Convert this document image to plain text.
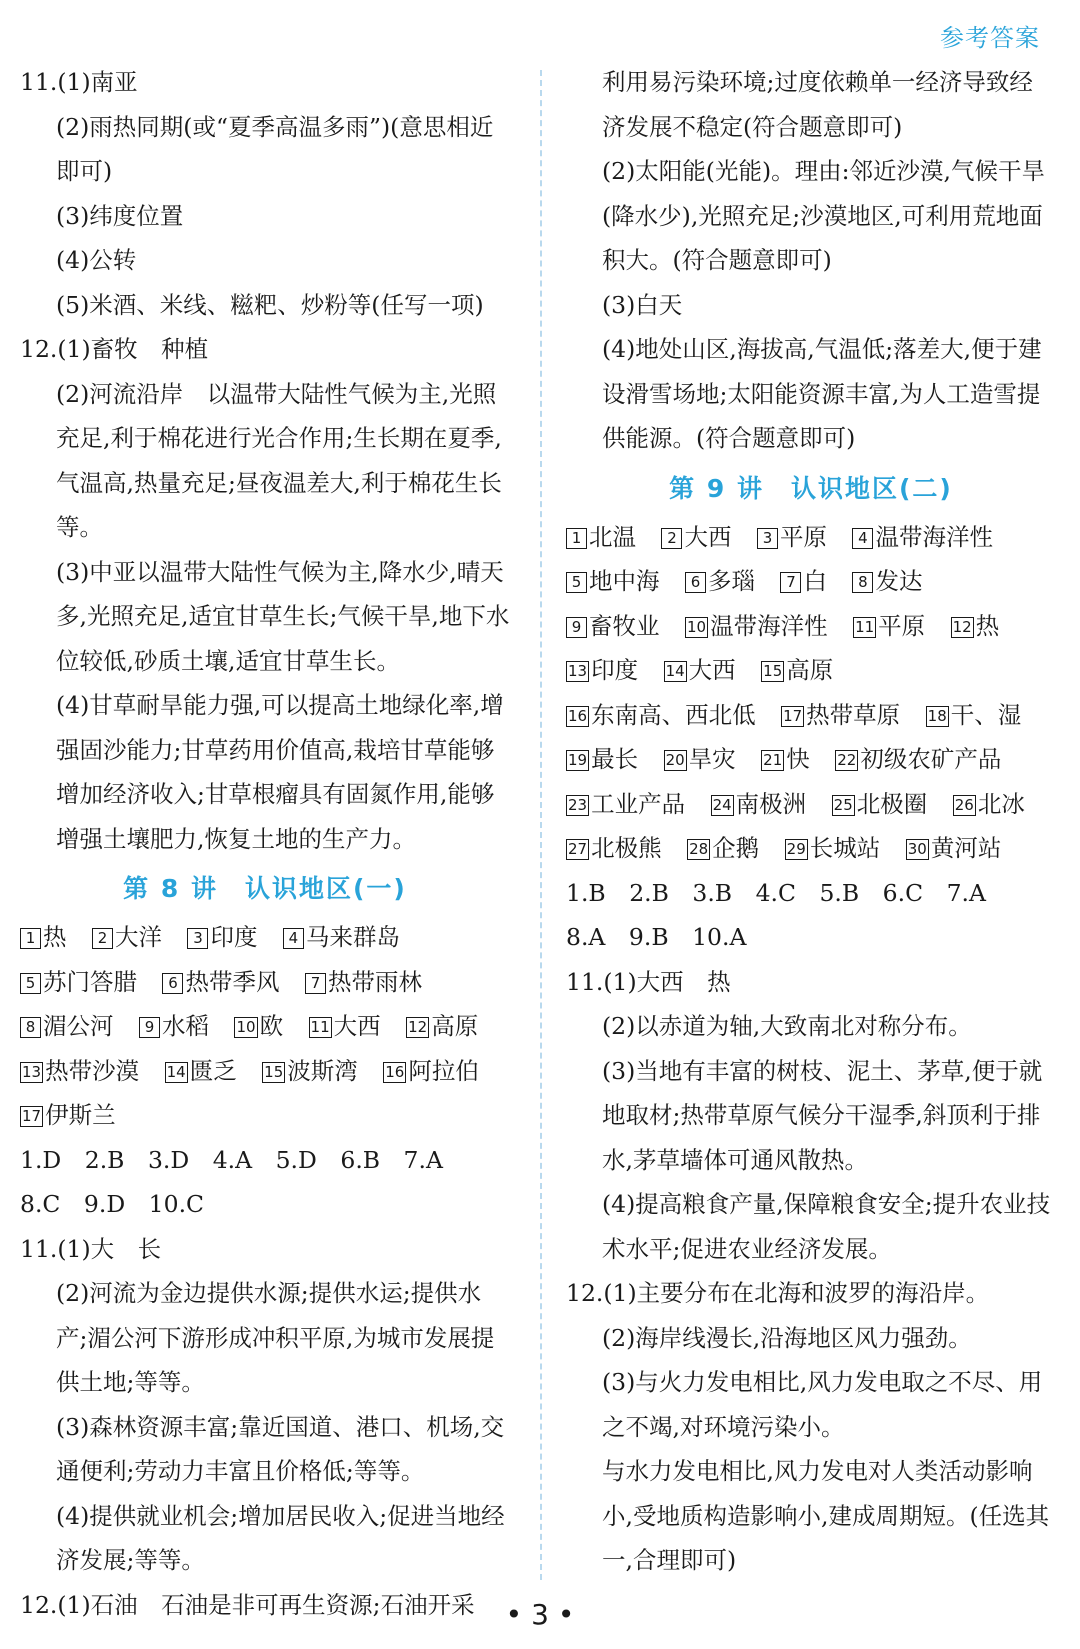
参考答案

11.(1)南亚

(2)雨热同期(或“夏季高温多雨”)(意思相近即可)

(3)纬度位置

(4)公转

(5)米酒、米线、糍粑、炒粉等(任写一项)

12.(1)畜牧　种植

(2)河流沿岸　以温带大陆性气候为主,光照充足,利于棉花进行光合作用;生长期在夏季,气温高,热量充足;昼夜温差大,利于棉花生长等。

(3)中亚以温带大陆性气候为主,降水少,晴天多,光照充足,适宜甘草生长;气候干旱,地下水位较低,砂质土壤,适宜甘草生长。

(4)甘草耐旱能力强,可以提高土地绿化率,增强固沙能力;甘草药用价值高,栽培甘草能够增加经济收入;甘草根瘤具有固氮作用,能够增强土壤肥力,恢复土地的生产力。

第 8 讲　认识地区(一)

1 热 2 大洋 3 印度 4 马来群岛 5 苏门答腊 6 热带季风 7 热带雨林 8 湄公河 9 水稻 10 欧 11 大西 12 高原 13 热带沙漠 14 匮乏 15 波斯湾 16 阿拉伯 17 伊斯兰

1.D　2.B　3.D　4.A　5.D　6.B　7.A

8.C　9.D　10.C

11.(1)大　长

(2)河流为金边提供水源;提供水运;提供水产;湄公河下游形成冲积平原,为城市发展提供土地;等等。

(3)森林资源丰富;靠近国道、港口、机场,交通便利;劳动力丰富且价格低;等等。

(4)提供就业机会;增加居民收入;促进当地经济发展;等等。

12.(1)石油　石油是非可再生资源;石油开采

利用易污染环境;过度依赖单一经济导致经济发展不稳定(符合题意即可)

(2)太阳能(光能)。理由:邻近沙漠,气候干旱(降水少),光照充足;沙漠地区,可利用荒地面积大。(符合题意即可)

(3)白天

(4)地处山区,海拔高,气温低;落差大,便于建设滑雪场地;太阳能资源丰富,为人工造雪提供能源。(符合题意即可)

第 9 讲　认识地区(二)

1 北温 2 大西 3 平原 4 温带海洋性 5 地中海 6 多瑙 7 白 8 发达 9 畜牧业 10 温带海洋性 11 平原 12 热 13 印度 14 大西 15 高原 16 东南高、西北低 17 热带草原 18 干、湿 19 最长 20 旱灾 21 快 22 初级农矿产品 23 工业产品 24 南极洲 25 北极圈 26 北冰 27 北极熊 28 企鹅 29 长城站 30 黄河站

1.B　2.B　3.B　4.C　5.B　6.C　7.A

8.A　9.B　10.A

11.(1)大西　热

(2)以赤道为轴,大致南北对称分布。

(3)当地有丰富的树枝、泥土、茅草,便于就地取材;热带草原气候分干湿季,斜顶利于排水,茅草墙体可通风散热。

(4)提高粮食产量,保障粮食安全;提升农业技术水平;促进农业经济发展。

12.(1)主要分布在北海和波罗的海沿岸。

(2)海岸线漫长,沿海地区风力强劲。

(3)与火力发电相比,风力发电取之不尽、用之不竭,对环境污染小。

与水力发电相比,风力发电对人类活动影响小,受地质构造影响小,建成周期短。(任选其一,合理即可)

• 3 •
